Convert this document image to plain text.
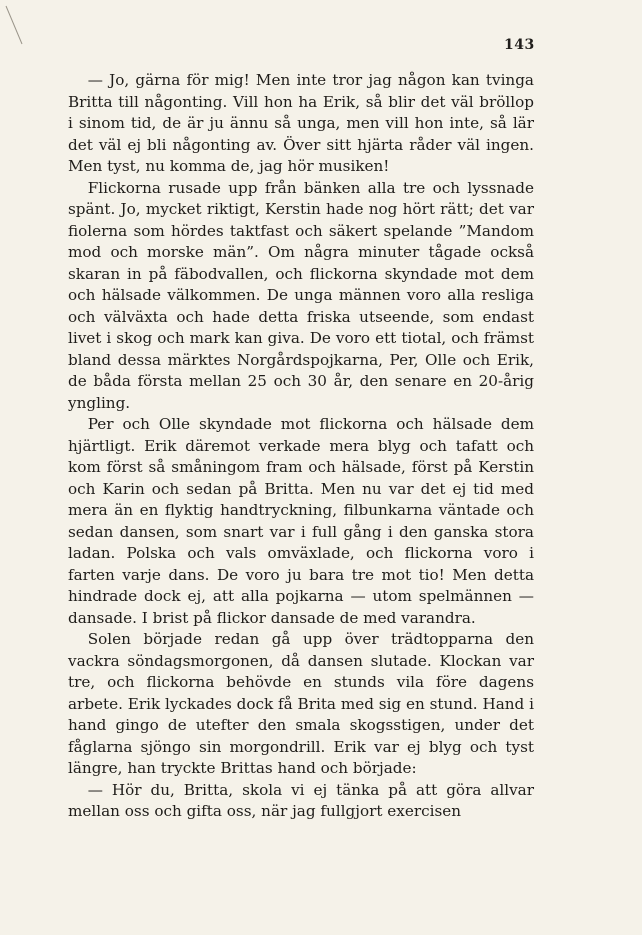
143

— Jo, gärna för mig! Men inte tror jag någon kan tvinga Britta till någonting. Vill hon ha Erik, så blir det väl bröllop i sinom tid, de är ju ännu så unga, men vill hon inte, så lär det väl ej bli någonting av. Över sitt hjärta råder väl ingen. Men tyst, nu komma de, jag hör musiken!

Flickorna rusade upp från bänken alla tre och lyssnade spänt. Jo, mycket riktigt, Kerstin hade nog hört rätt; det var fiolerna som hördes taktfast och säkert spelande ”Mandom mod och morske män”. Om några minuter tågade också skaran in på fäbodvallen, och flickorna skyndade mot dem och hälsade välkommen. De unga männen voro alla resliga och välväxta och hade detta friska utseende, som endast livet i skog och mark kan giva. De voro ett tiotal, och främst bland dessa märktes Norgårdspojkarna, Per, Olle och Erik, de båda första mellan 25 och 30 år, den senare en 20-årig yngling.

Per och Olle skyndade mot flickorna och hälsade dem hjärtligt. Erik däremot verkade mera blyg och tafatt och kom först så småningom fram och hälsade, först på Kerstin och Karin och sedan på Britta. Men nu var det ej tid med mera än en flyktig handtryckning, filbunkarna väntade och sedan dansen, som snart var i full gång i den ganska stora ladan. Polska och vals omväxlade, och flickorna voro i farten varje dans. De voro ju bara tre mot tio! Men detta hindrade dock ej, att alla pojkarna — utom spelmännen — dansade. I brist på flickor dansade de med varandra.

Solen började redan gå upp över trädtopparna den vackra söndagsmorgonen, då dansen slutade. Klockan var tre, och flickorna behövde en stunds vila före dagens arbete. Erik lyckades dock få Brita med sig en stund. Hand i hand gingo de utefter den smala skogsstigen, under det fåglarna sjöngo sin morgondrill. Erik var ej blyg och tyst längre, han tryckte Brittas hand och började:

— Hör du, Britta, skola vi ej tänka på att göra allvar mellan oss och gifta oss, när jag fullgjort exercisen
